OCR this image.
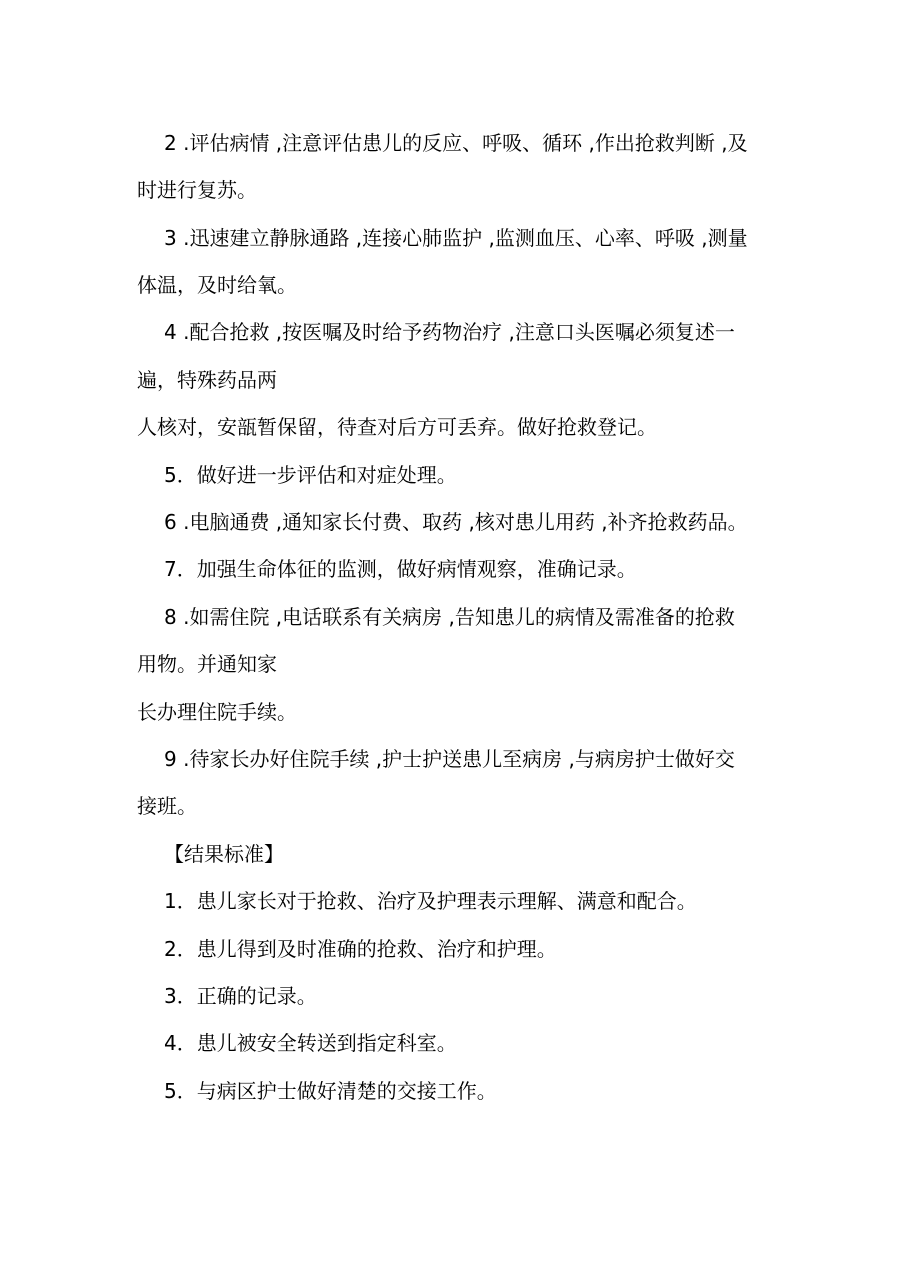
2 .评估病情 ,注意评估患儿的反应、呼吸、循环 ,作出抢救判断 ,及
时进行复苏。
3 .迅速建立静脉通路 ,连接心肺监护 ,监测血压、心率、呼吸 ,测量
体温，及时给氧。
4 .配合抢救 ,按医嘱及时给予药物治疗 ,注意口头医嘱必须复述一
遍，特殊药品两
人核对，安瓿暂保留，待查对后方可丢弃。做好抢救登记。
5．做好进一步评估和对症处理。
6 .电脑通费 ,通知家长付费、取药 ,核对患儿用药 ,补齐抢救药品。
7．加强生命体征的监测，做好病情观察，准确记录。
8 .如需住院 ,电话联系有关病房 ,告知患儿的病情及需准备的抢救
用物。并通知家
长办理住院手续。
9 .待家长办好住院手续 ,护士护送患儿至病房 ,与病房护士做好交
接班。
【结果标准】
1．患儿家长对于抢救、治疗及护理表示理解、满意和配合。
2．患儿得到及时准确的抢救、治疗和护理。
3．正确的记录。
4．患儿被安全转送到指定科室。
5．与病区护士做好清楚的交接工作。
